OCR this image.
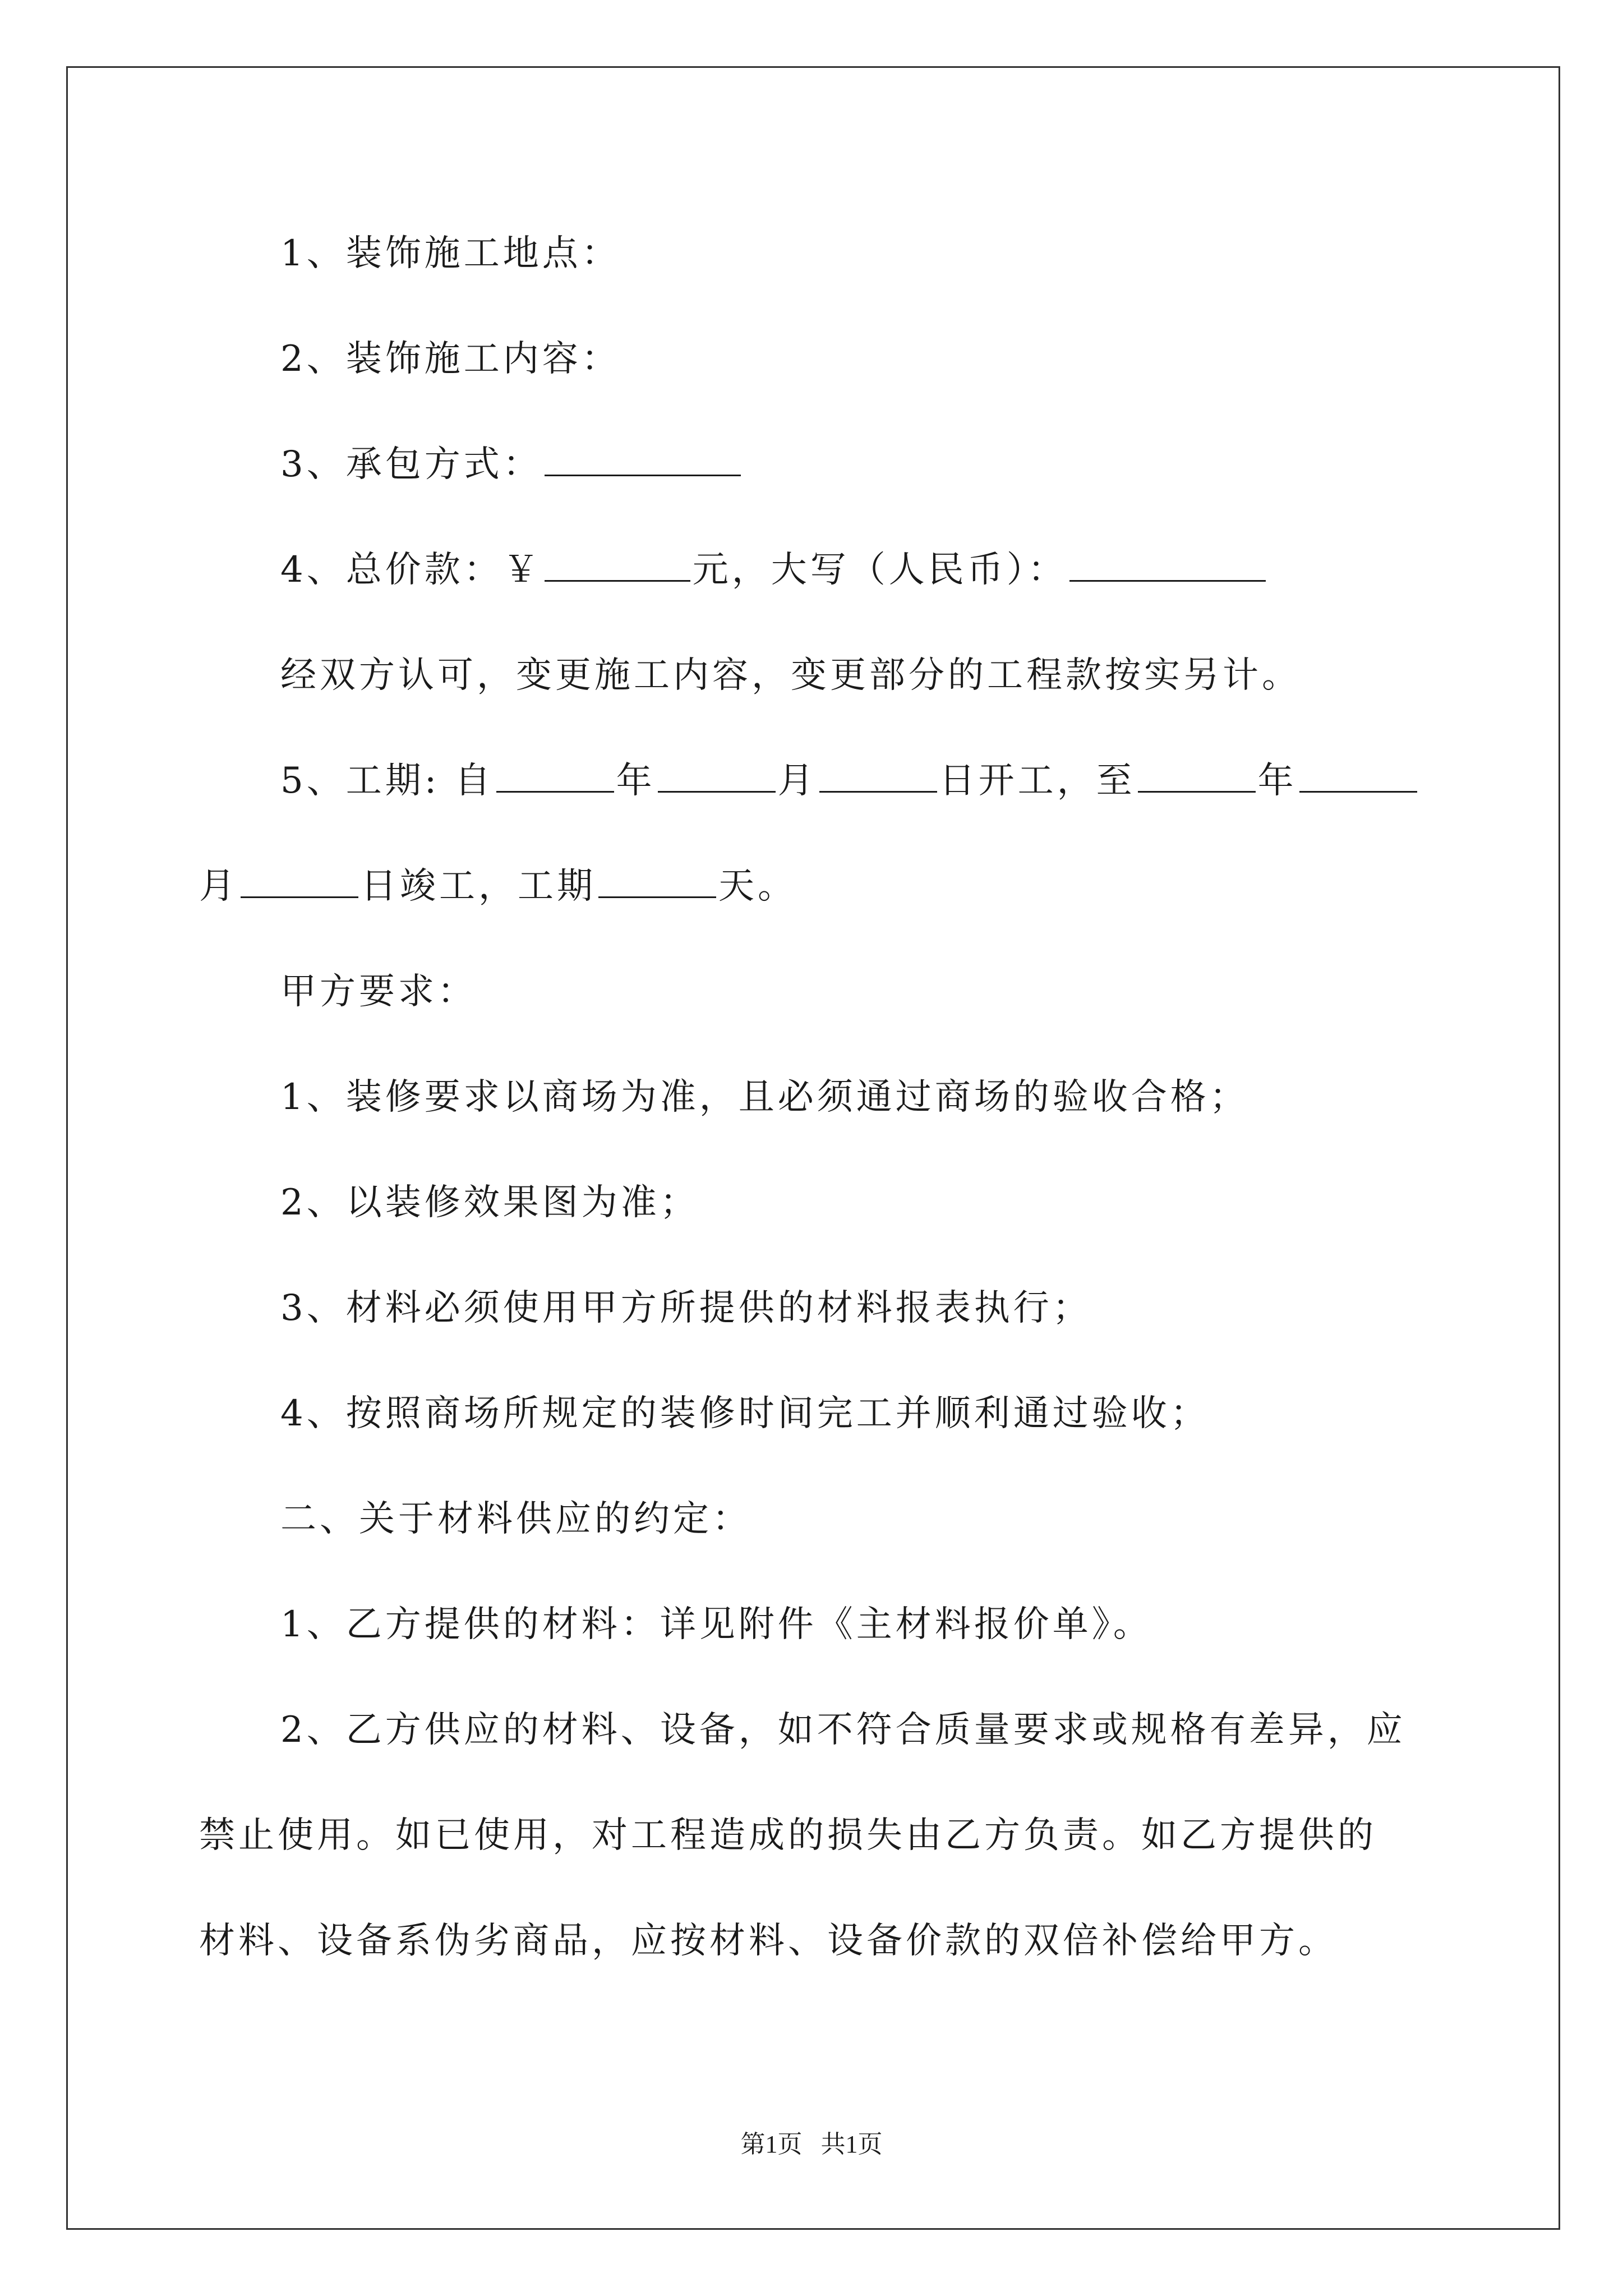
1、装饰施工地点：
2、装饰施工内容：
3、承包方式：
4、总价款：￥	元，大写（人民币）：
经双方认可，变更施工内容，变更部分的工程款按实另计。
5、工期: 自	年	月	日开工，至	年
月	日竣工，工期	天。
甲方要求：
1、装修要求以商场为准，且必须通过商场的验收合格；
2、以装修效果图为准；
3、材料必须使用甲方所提供的材料报表执行；
4、按照商场所规定的装修时间完工并顺利通过验收；
二、关于材料供应的约定：
1、乙方提供的材料：详见附件《主材料报价单》。
2、乙方供应的材料、设备，如不符合质量要求或规格有差异，应
禁止使用。如已使用，对工程造成的损失由乙方负责。如乙方提供的
材料、设备系伪劣商品，应按材料、设备价款的双倍补偿给甲方。
第1页   共1页
